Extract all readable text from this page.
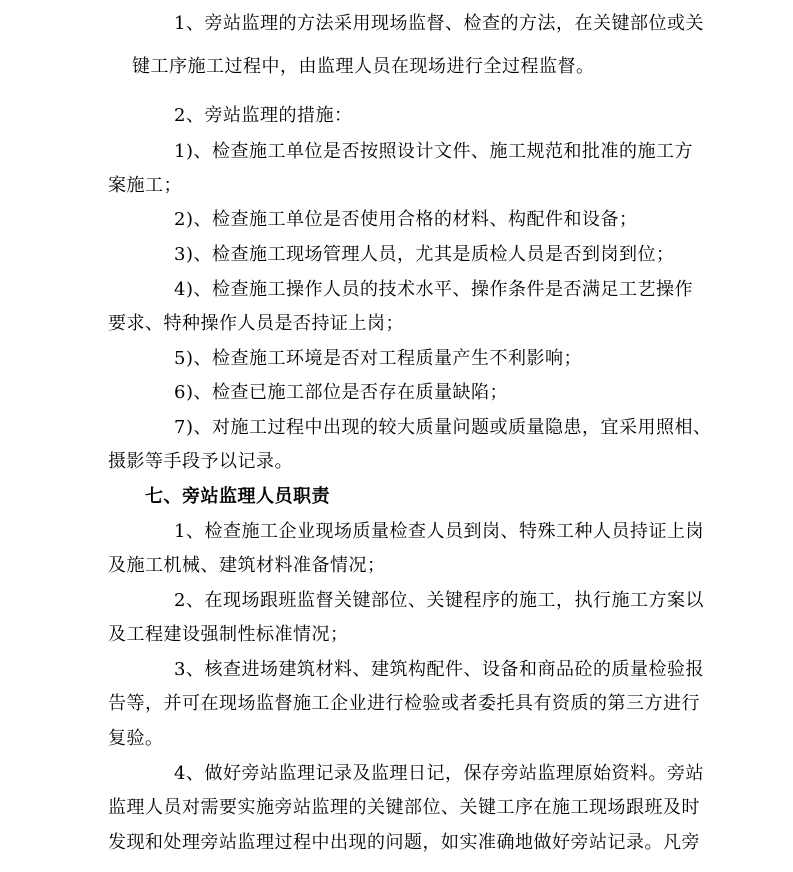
1、旁站监理的方法采用现场监督、检查的方法，在关键部位或关
键工序施工过程中，由监理人员在现场进行全过程监督。
2、旁站监理的措施：
1)、检查施工单位是否按照设计文件、施工规范和批准的施工方
案施工；
2)、检查施工单位是否使用合格的材料、构配件和设备；
3)、检查施工现场管理人员，尤其是质检人员是否到岗到位；
4)、检查施工操作人员的技术水平、操作条件是否满足工艺操作
要求、特种操作人员是否持证上岗；
5)、检查施工环境是否对工程质量产生不利影响；
6)、检查已施工部位是否存在质量缺陷；
7)、对施工过程中出现的较大质量问题或质量隐患，宜采用照相、
摄影等手段予以记录。
七、旁站监理人员职责
1、检查施工企业现场质量检查人员到岗、特殊工种人员持证上岗
及施工机械、建筑材料准备情况；
2、在现场跟班监督关键部位、关键程序的施工，执行施工方案以
及工程建设强制性标准情况；
3、核查进场建筑材料、建筑构配件、设备和商品砼的质量检验报
告等，并可在现场监督施工企业进行检验或者委托具有资质的第三方进行
复验。
4、做好旁站监理记录及监理日记，保存旁站监理原始资料。旁站
监理人员对需要实施旁站监理的关键部位、关键工序在施工现场跟班及时
发现和处理旁站监理过程中出现的问题，如实准确地做好旁站记录。凡旁
